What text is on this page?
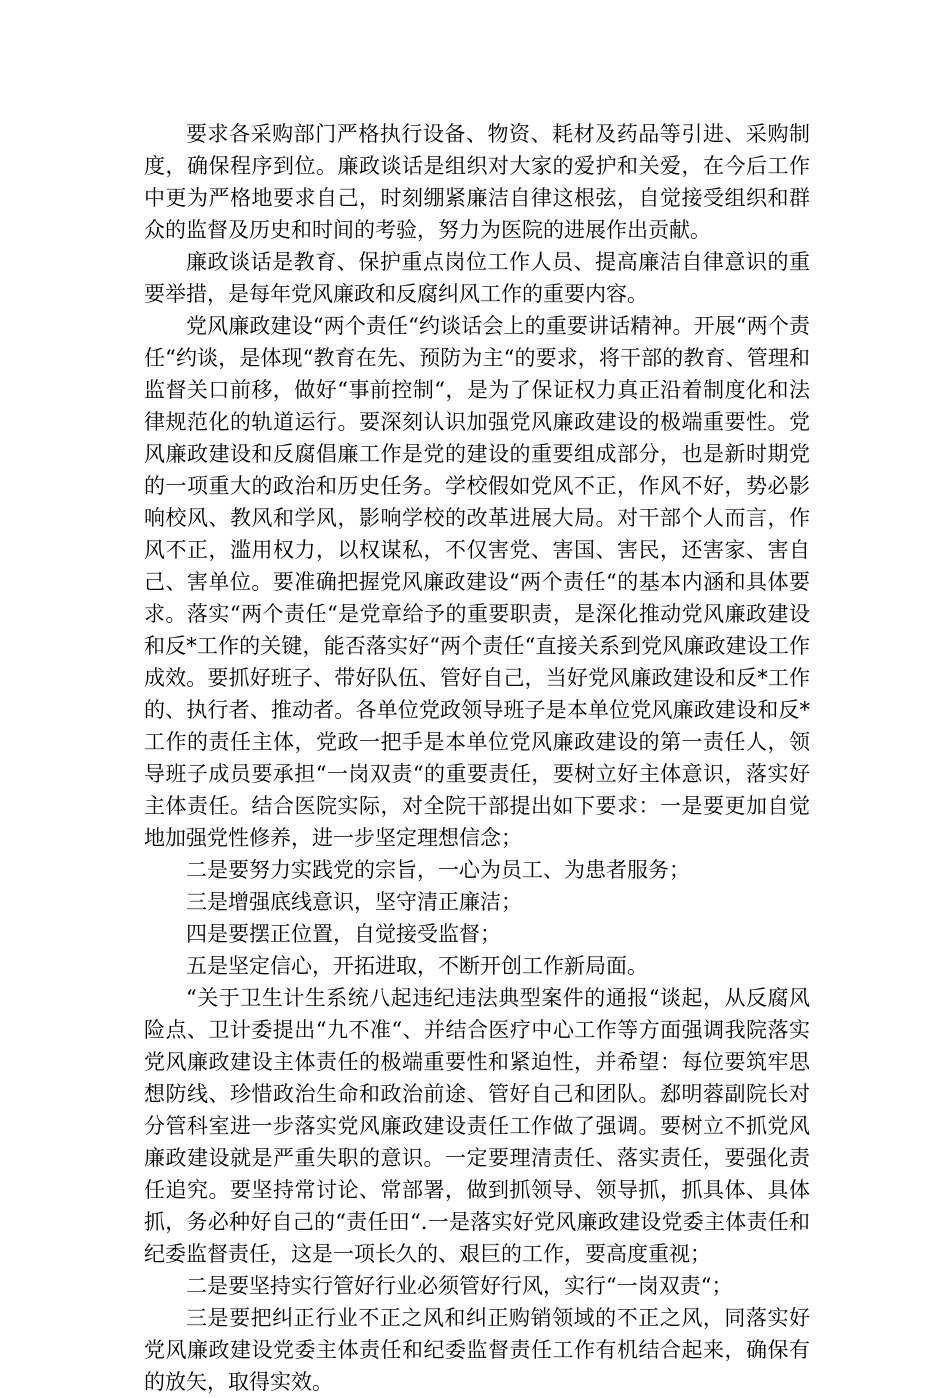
要求各采购部门严格执行设备、物资、耗材及药品等引进、采购制度，确保程序到位。廉政谈话是组织对大家的爱护和关爱，在今后工作中更为严格地要求自己，时刻绷紧廉洁自律这根弦，自觉接受组织和群众的监督及历史和时间的考验，努力为医院的进展作出贡献。

廉政谈话是教育、保护重点岗位工作人员、提高廉洁自律意识的重要举措，是每年党风廉政和反腐纠风工作的重要内容。

党风廉政建设“两个责任“约谈话会上的重要讲话精神。开展“两个责任“约谈，是体现“教育在先、预防为主“的要求，将干部的教育、管理和监督关口前移，做好“事前控制“，是为了保证权力真正沿着制度化和法律规范化的轨道运行。要深刻认识加强党风廉政建设的极端重要性。党风廉政建设和反腐倡廉工作是党的建设的重要组成部分，也是新时期党的一项重大的政治和历史任务。学校假如党风不正，作风不好，势必影响校风、教风和学风，影响学校的改革进展大局。对干部个人而言，作风不正，滥用权力，以权谋私，不仅害党、害国、害民，还害家、害自己、害单位。要准确把握党风廉政建设“两个责任“的基本内涵和具体要求。落实“两个责任“是党章给予的重要职责，是深化推动党风廉政建设和反*工作的关键，能否落实好“两个责任“直接关系到党风廉政建设工作成效。要抓好班子、带好队伍、管好自己，当好党风廉政建设和反*工作的、执行者、推动者。各单位党政领导班子是本单位党风廉政建设和反*工作的责任主体，党政一把手是本单位党风廉政建设的第一责任人，领导班子成员要承担“一岗双责“的重要责任，要树立好主体意识，落实好主体责任。结合医院实际，对全院干部提出如下要求：一是要更加自觉地加强党性修养，进一步坚定理想信念；

二是要努力实践党的宗旨，一心为员工、为患者服务；

三是增强底线意识，坚守清正廉洁；

四是要摆正位置，自觉接受监督；

五是坚定信心，开拓进取，不断开创工作新局面。

“关于卫生计生系统八起违纪违法典型案件的通报“谈起，从反腐风险点、卫计委提出“九不准“、并结合医疗中心工作等方面强调我院落实党风廉政建设主体责任的极端重要性和紧迫性，并希望：每位要筑牢思想防线、珍惜政治生命和政治前途、管好自己和团队。郄明蓉副院长对分管科室进一步落实党风廉政建设责任工作做了强调。要树立不抓党风廉政建设就是严重失职的意识。一定要理清责任、落实责任，要强化责任追究。要坚持常讨论、常部署，做到抓领导、领导抓，抓具体、具体抓，务必种好自己的“责任田“.一是落实好党风廉政建设党委主体责任和纪委监督责任，这是一项长久的、艰巨的工作，要高度重视；

二是要坚持实行管好行业必须管好行风，实行“一岗双责“；

三是要把纠正行业不正之风和纠正购销领域的不正之风，同落实好党风廉政建设党委主体责任和纪委监督责任工作有机结合起来，确保有的放矢，取得实效。
